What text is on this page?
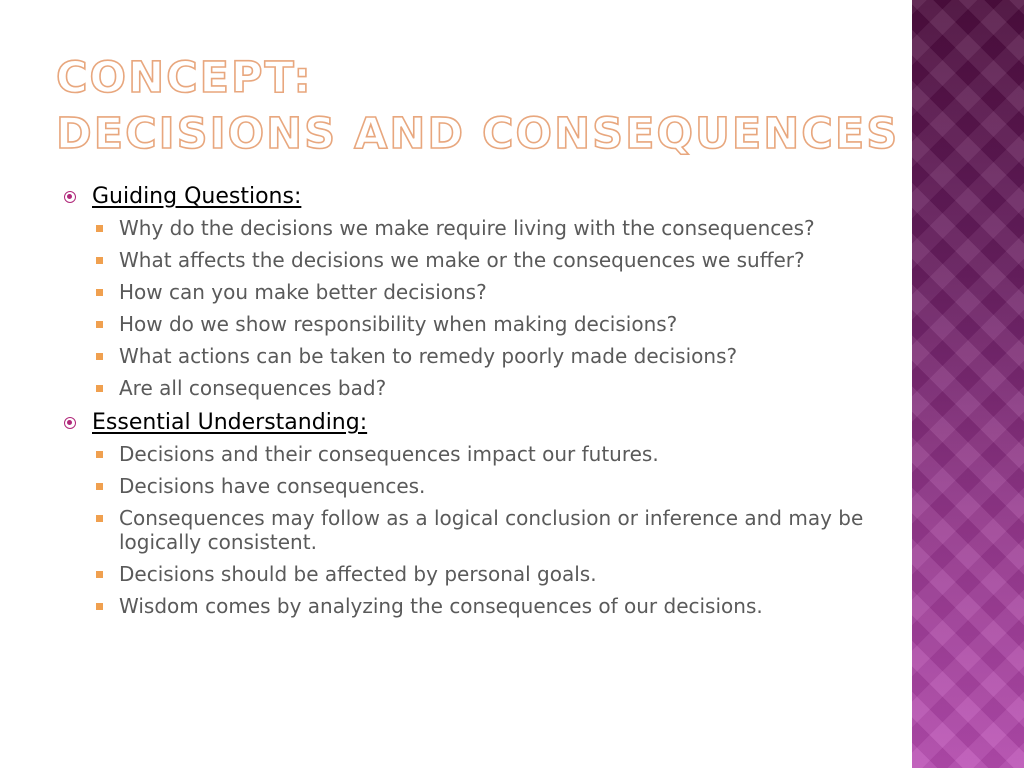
CONCEPT:
DECISIONS AND CONSEQUENCES
Guiding Questions:
Why do the decisions we make require living with the consequences?
What affects the decisions we make or the consequences we suffer?
How can you make better decisions?
How do we show responsibility when making decisions?
What actions can be taken to remedy poorly made decisions?
Are all consequences bad?
Essential Understanding:
Decisions and their consequences impact our futures.
Decisions have consequences.
Consequences may follow as a logical conclusion or inference and may be logically consistent.
Decisions should be affected by personal goals.
Wisdom comes by analyzing the consequences of our decisions.
